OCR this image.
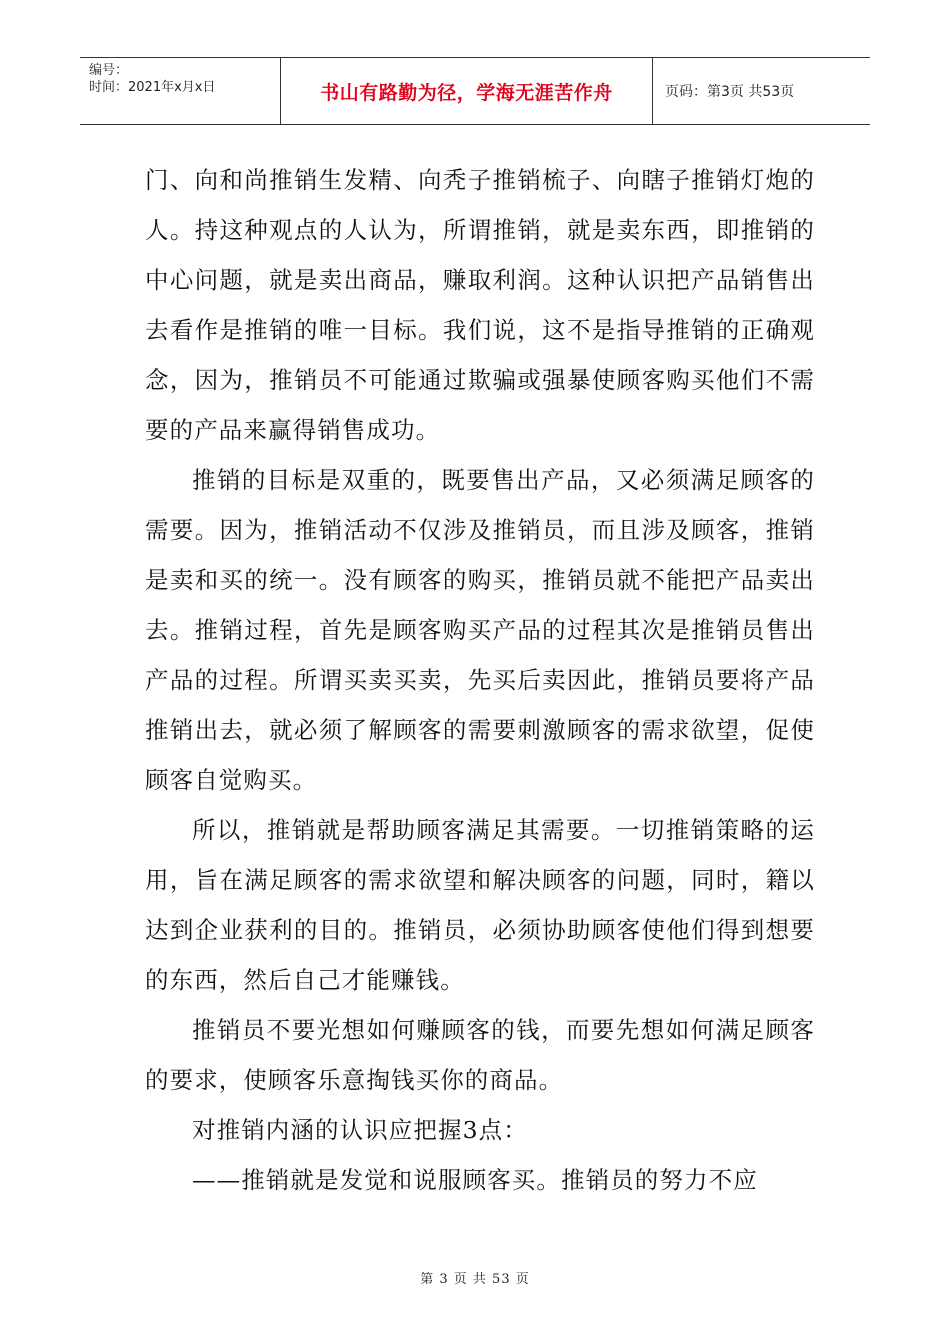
编号：
时间：2021年x月x日	书山有路勤为径，学海无涯苦作舟	页码：第3页 共53页

门、向和尚推销生发精、向秃子推销梳子、向瞎子推销灯炮的人。持这种观点的人认为，所谓推销，就是卖东西，即推销的中心问题，就是卖出商品，赚取利润。这种认识把产品销售出去看作是推销的唯一目标。我们说，这不是指导推销的正确观念，因为，推销员不可能通过欺骗或强暴使顾客购买他们不需要的产品来赢得销售成功。

推销的目标是双重的，既要售出产品，又必须满足顾客的需要。因为，推销活动不仅涉及推销员，而且涉及顾客，推销是卖和买的统一。没有顾客的购买，推销员就不能把产品卖出去。推销过程，首先是顾客购买产品的过程其次是推销员售出产品的过程。所谓买卖买卖，先买后卖因此，推销员要将产品推销出去，就必须了解顾客的需要刺激顾客的需求欲望，促使顾客自觉购买。

所以，推销就是帮助顾客满足其需要。一切推销策略的运用，旨在满足顾客的需求欲望和解决顾客的问题，同时，籍以达到企业获利的目的。推销员，必须协助顾客使他们得到想要的东西，然后自己才能赚钱。

推销员不要光想如何赚顾客的钱，而要先想如何满足顾客的要求，使顾客乐意掏钱买你的商品。

对推销内涵的认识应把握3点：

——推销就是发觉和说服顾客买。推销员的努力不应

第 3 页 共 53 页
